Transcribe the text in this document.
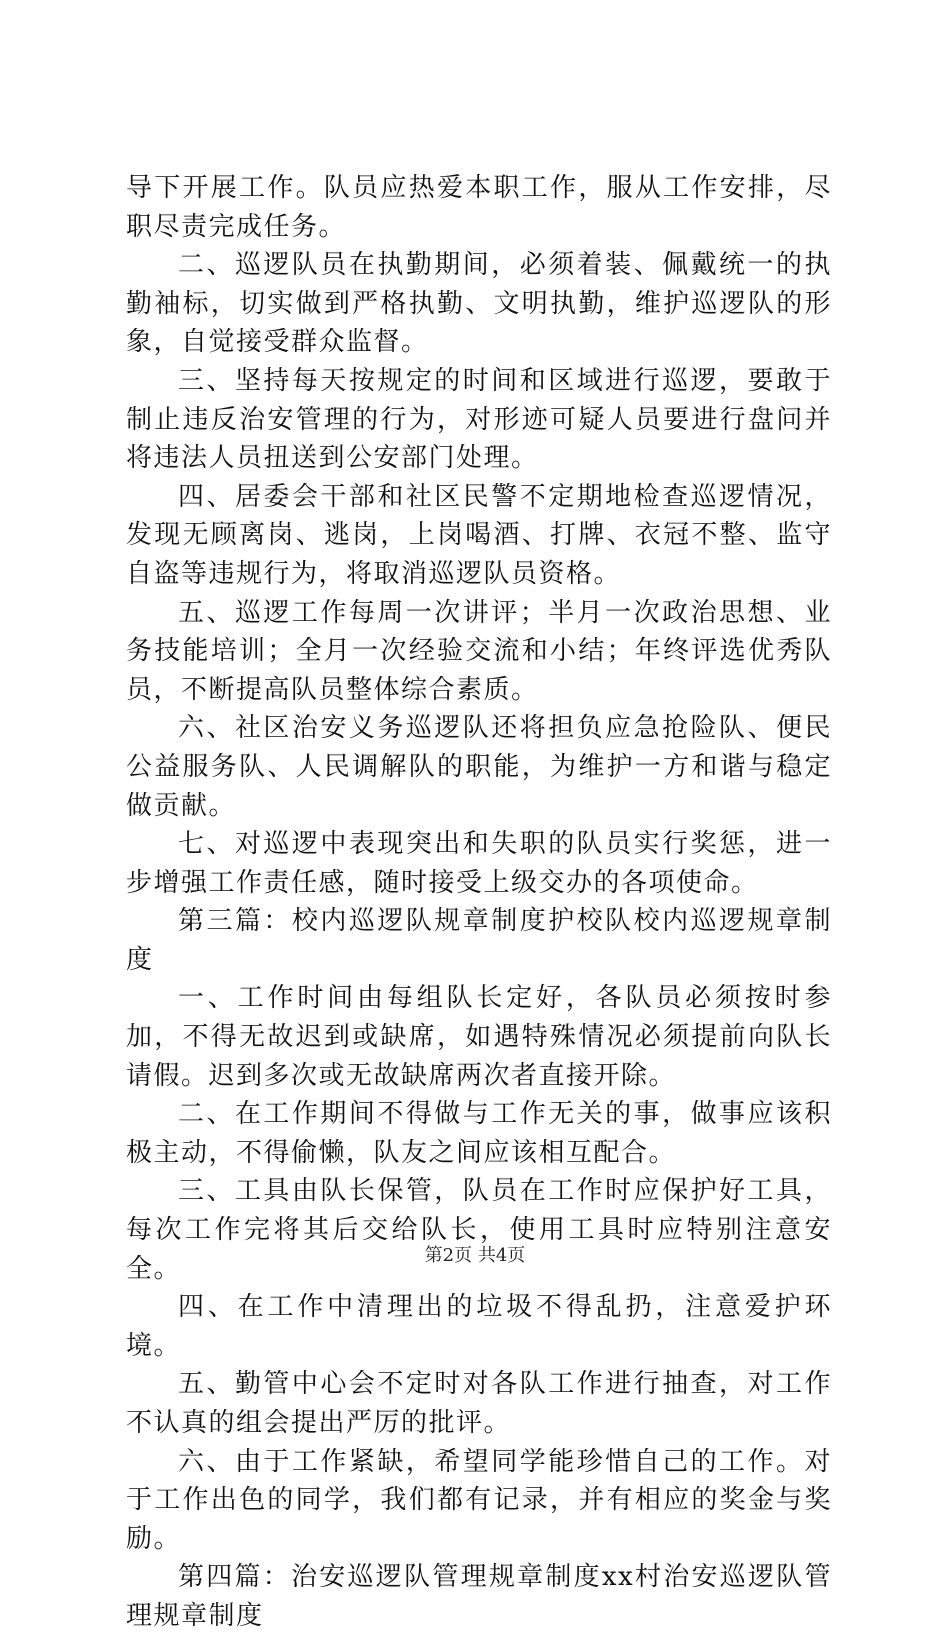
导下开展工作。队员应热爱本职工作，服从工作安排，尽职尽责完成任务。

二、巡逻队员在执勤期间，必须着装、佩戴统一的执勤袖标，切实做到严格执勤、文明执勤，维护巡逻队的形象，自觉接受群众监督。

三、坚持每天按规定的时间和区域进行巡逻，要敢于制止违反治安管理的行为，对形迹可疑人员要进行盘问并将违法人员扭送到公安部门处理。

四、居委会干部和社区民警不定期地检查巡逻情况，发现无顾离岗、逃岗，上岗喝酒、打牌、衣冠不整、监守自盗等违规行为，将取消巡逻队员资格。

五、巡逻工作每周一次讲评；半月一次政治思想、业务技能培训；全月一次经验交流和小结；年终评选优秀队员，不断提高队员整体综合素质。

六、社区治安义务巡逻队还将担负应急抢险队、便民公益服务队、人民调解队的职能，为维护一方和谐与稳定做贡献。

七、对巡逻中表现突出和失职的队员实行奖惩，进一步增强工作责任感，随时接受上级交办的各项使命。

第三篇：校内巡逻队规章制度护校队校内巡逻规章制度

一、工作时间由每组队长定好，各队员必须按时参加，不得无故迟到或缺席，如遇特殊情况必须提前向队长请假。迟到多次或无故缺席两次者直接开除。

二、在工作期间不得做与工作无关的事，做事应该积极主动，不得偷懒，队友之间应该相互配合。

三、工具由队长保管，队员在工作时应保护好工具，每次工作完将其后交给队长，使用工具时应特别注意安全。

四、在工作中清理出的垃圾不得乱扔，注意爱护环境。

五、勤管中心会不定时对各队工作进行抽查，对工作不认真的组会提出严厉的批评。

六、由于工作紧缺，希望同学能珍惜自己的工作。对于工作出色的同学，我们都有记录，并有相应的奖金与奖励。

第四篇：治安巡逻队管理规章制度xx村治安巡逻队管理规章制度

第2页 共4页
